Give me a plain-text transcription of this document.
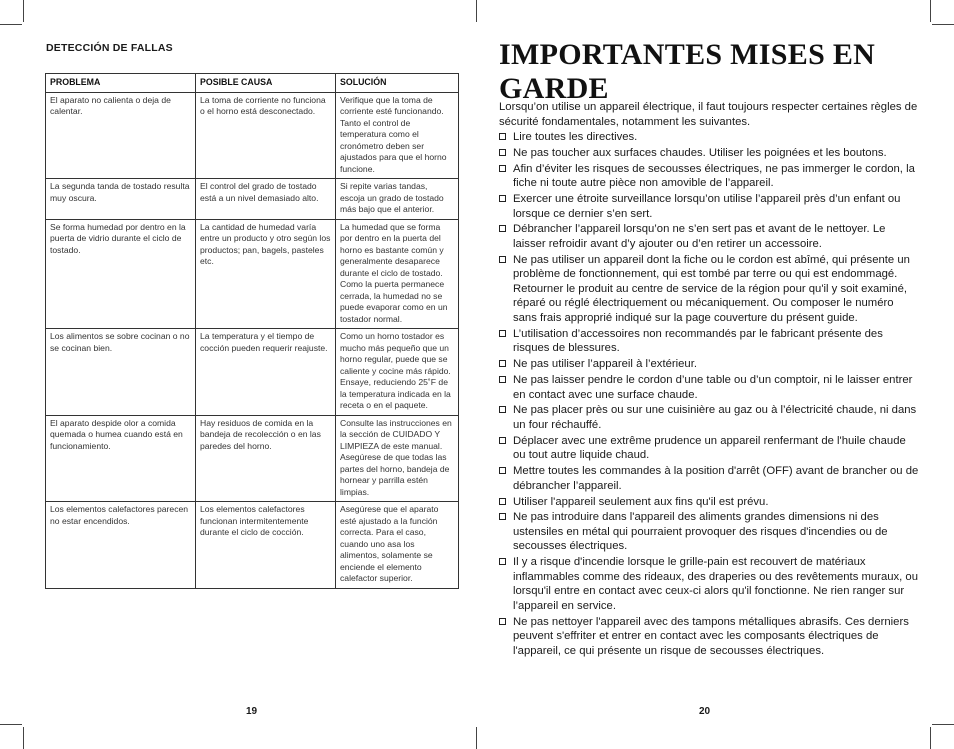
DETECCIÓN DE FALLAS
PROBLEMA	POSIBLE CAUSA	SOLUCIÓN
El aparato no calienta o deja de calentar.	La toma de corriente no funciona o el horno está desconectado.	Verifique que la toma de corriente esté funcionando. Tanto el control de temperatura como el cronómetro deben ser ajustados para que el horno funcione.
La segunda tanda de tostado resulta muy oscura.	El control del grado de tostado está a un nivel demasiado alto.	Si repite varias tandas, escoja un grado de tostado más bajo que el anterior.
Se forma humedad por dentro en la puerta de vidrio durante el ciclo de tostado.	La cantidad de humedad varía entre un producto y otro según los productos; pan, bagels, pasteles etc.	La humedad que se forma por dentro en la puerta del horno es bastante común y generalmente desaparece durante el ciclo de tostado. Como la puerta permanece cerrada, la humedad no se puede evaporar como en un tostador normal.
Los alimentos se sobre cocinan o no se cocinan bien.	La temperatura y el tiempo de cocción pueden requerir reajuste.	Como un horno tostador es mucho más pequeño que un horno regular, puede que se caliente y cocine más rápido. Ensaye, reduciendo 25˚F de la temperatura indicada en la receta o en el paquete.
El aparato despide olor a comida quemada o humea cuando está en funcionamiento.	Hay residuos de comida en la bandeja de recolección o en las paredes del horno.	Consulte las instrucciones en la sección de CUIDADO Y LIMPIEZA de este manual. Asegúrese de que todas las partes del horno, bandeja de hornear y parrilla estén limpias.
Los elementos calefactores parecen no estar encendidos.	Los elementos calefactores funcionan intermitentemente durante el ciclo de cocción.	Asegúrese que el aparato esté ajustado a la función correcta. Para el caso, cuando uno asa los alimentos, solamente se enciende el elemento calefactor superior.
19
IMPORTANTES MISES EN GARDE

Lorsqu’on utilise un appareil électrique, il faut toujours respecter certaines règles de sécurité fondamentales, notamment les suivantes.

Lire toutes les directives.
Ne pas toucher aux surfaces chaudes. Utiliser les poignées et les boutons.
Afin d’éviter les risques de secousses électriques, ne pas immerger le cordon, la fiche ni toute autre pièce non amovible de l’appareil.
Exercer une étroite surveillance lorsqu’on utilise l’appareil près d’un enfant ou lorsque ce dernier s’en sert.
Débrancher l’appareil lorsqu’on ne s’en sert pas et avant de le nettoyer. Le laisser refroidir avant d’y ajouter ou d’en retirer un accessoire.
Ne pas utiliser un appareil dont la fiche ou le cordon est abîmé, qui présente un problème de fonctionnement, qui est tombé par terre ou qui est endommagé. Retourner le produit au centre de service de la région pour qu'il y soit examiné, réparé ou réglé électriquement ou mécaniquement. Ou composer le numéro sans frais approprié indiqué sur la page couverture du présent guide.
L’utilisation d’accessoires non recommandés par le fabricant présente des risques de blessures.
Ne pas utiliser l’appareil à l’extérieur.
Ne pas laisser pendre le cordon d’une table ou d’un comptoir, ni le laisser entrer en contact avec une surface chaude.
Ne pas placer près ou sur une cuisinière au gaz ou à l’électricité chaude, ni dans un four réchauffé.
Déplacer avec une extrême prudence un appareil renfermant de l'huile chaude ou tout autre liquide chaud.
Mettre toutes les commandes à la position d'arrêt (OFF) avant de brancher ou de débrancher l’appareil.
Utiliser l'appareil seulement aux fins qu'il est prévu.
Ne pas introduire dans l'appareil des aliments grandes dimensions ni des ustensiles en métal qui pourraient provoquer des risques d'incendies ou de secousses électriques.
Il y a risque d'incendie lorsque le grille-pain est recouvert de matériaux inflammables comme des rideaux, des draperies ou des revêtements muraux, ou lorsqu'il entre en contact avec ceux-ci alors qu'il fonctionne. Ne rien ranger sur l’appareil en service.
Ne pas nettoyer l'appareil avec des tampons métalliques abrasifs. Ces derniers peuvent s'effriter et entrer en contact avec les composants électriques de l'appareil, ce qui présente un risque de secousses électriques.
20
